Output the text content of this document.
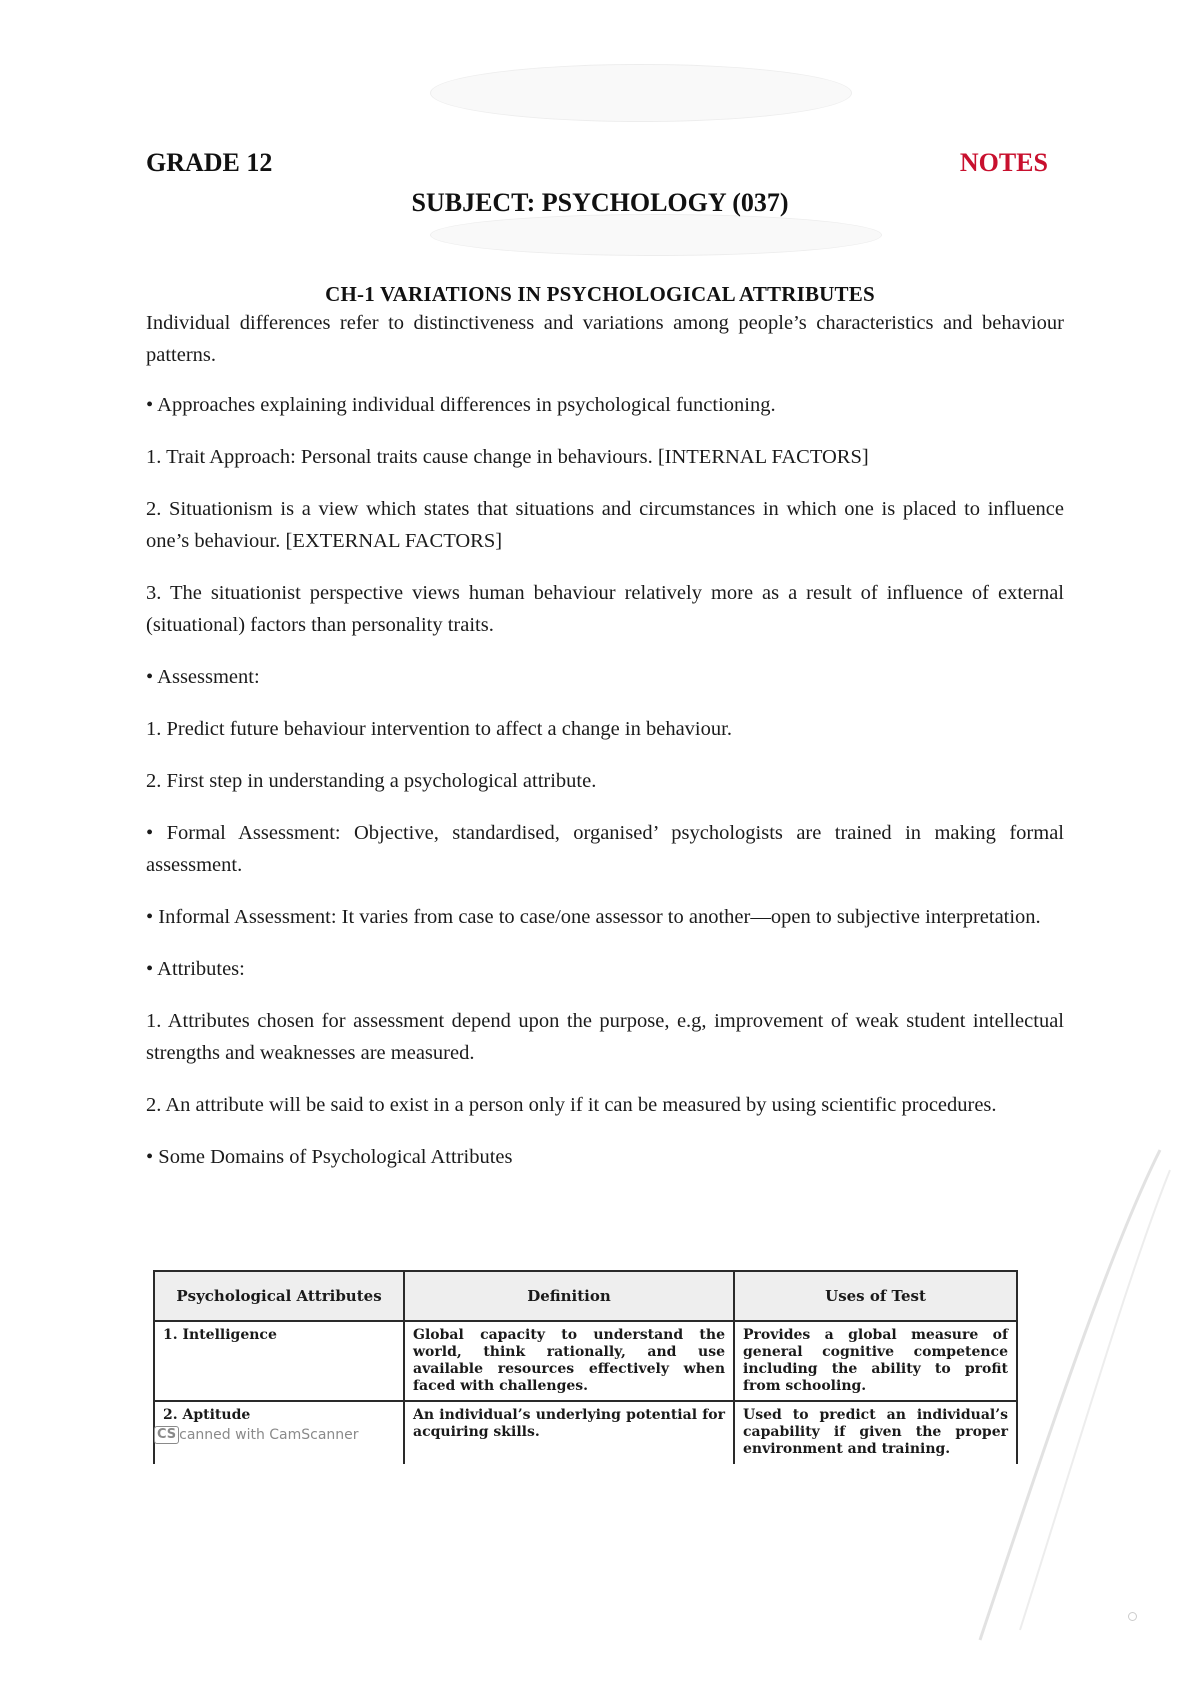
GRADE 12	NOTES
SUBJECT: PSYCHOLOGY (037)
CH-1 VARIATIONS IN PSYCHOLOGICAL ATTRIBUTES

Individual differences refer to distinctiveness and variations among people’s characteristics and behaviour patterns.

• Approaches explaining individual differences in psychological functioning.

1. Trait Approach: Personal traits cause change in behaviours. [INTERNAL FACTORS]

2. Situationism is a view which states that situations and circumstances in which one is placed to influence one’s behaviour. [EXTERNAL FACTORS]

3. The situationist perspective views human behaviour relatively more as a result of influence of external (situational) factors than personality traits.

• Assessment:

1. Predict future behaviour intervention to affect a change in behaviour.

2. First step in understanding a psychological attribute.

• Formal Assessment: Objective, standardised, organised’ psychologists are trained in making formal assessment.

• Informal Assessment: It varies from case to case/one assessor to another—open to subjective interpretation.

• Attributes:

1. Attributes chosen for assessment depend upon the purpose, e.g, improvement of weak student intellectual strengths and weaknesses are measured.

2. An attribute will be said to exist in a person only if it can be measured by using scientific procedures.

• Some Domains of Psychological Attributes

Psychological Attributes	Definition	Uses of Test
1. Intelligence	Global capacity to understand the world, think rationally, and use available resources effectively when faced with challenges.	Provides a global measure of general cognitive competence including the ability to profit from schooling.
2. Aptitude	An individual’s underlying potential for acquiring skills.	Used to predict an individual’s capability if given the proper environment and training.
CS canned with CamScanner
